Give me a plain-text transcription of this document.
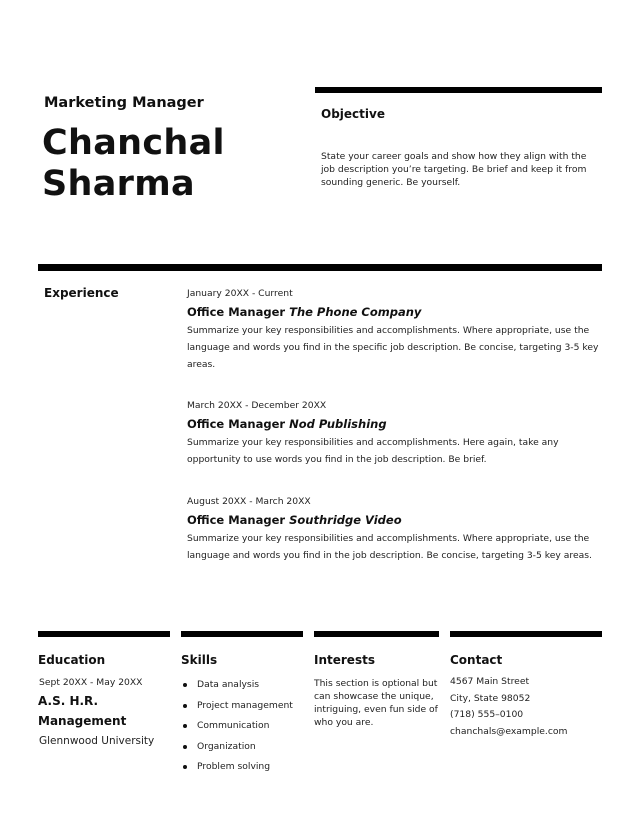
Marketing Manager
Chanchal
Sharma
Objective
State your career goals and show how they align with the job description you’re targeting. Be brief and keep it from sounding generic. Be yourself.
Experience	January 20XX - Current
Office Manager The Phone Company
Summarize your key responsibilities and accomplishments. Where appropriate, use the language and words you find in the specific job description. Be concise, targeting 3-5 key areas.
March 20XX - December 20XX
Office Manager Nod Publishing
Summarize your key responsibilities and accomplishments. Here again, take any opportunity to use words you find in the job description. Be brief.
August 20XX - March 20XX
Office Manager Southridge Video
Summarize your key responsibilities and accomplishments. Where appropriate, use the language and words you find in the job description. Be concise, targeting 3-5 key areas.
Education
Sept 20XX - May 20XX
A.S. H.R. Management
Glennwood University
Skills
Data analysis
Project management
Communication
Organization
Problem solving
Interests
This section is optional but can showcase the unique, intriguing, even fun side of who you are.
Contact
4567 Main Street
City, State 98052
(718) 555–0100
chanchals@example.com
